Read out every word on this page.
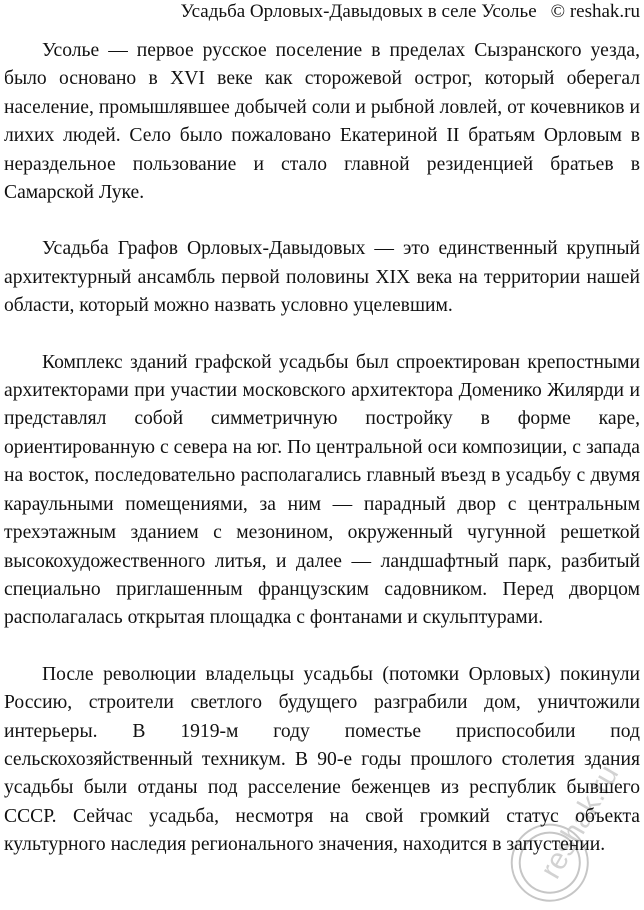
Усадьба Орловых-Давыдовых в селе Усолье © reshak.ru

Усолье — первое русское поселение в пределах Сызранского уезда, было основано в XVI веке как сторожевой острог, который оберегал население, промышлявшее добычей соли и рыбной ловлей, от кочевников и лихих людей. Село было пожаловано Екатериной II братьям Орловым в нераздельное пользование и стало главной резиденцией братьев в Самарской Луке.

Усадьба Графов Орловых-Давыдовых — это единственный крупный архитектурный ансамбль первой половины XIX века на территории нашей области, который можно назвать условно уцелевшим.

Комплекс зданий графской усадьбы был спроектирован крепостными архитекторами при участии московского архитектора Доменико Жилярди и представлял собой симметричную постройку в форме каре, ориентированную с севера на юг. По центральной оси композиции, с запада на восток, последовательно располагались главный въезд в усадьбу с двумя караульными помещениями, за ним — парадный двор с центральным трехэтажным зданием с мезонином, окруженный чугунной решеткой высокохудожественного литья, и далее — ландшафтный парк, разбитый специально приглашенным французским садовником. Перед дворцом располагалась открытая площадка с фонтанами и скульптурами.

После революции владельцы усадьбы (потомки Орловых) покинули Россию, строители светлого будущего разграбили дом, уничтожили интерьеры. В 1919-м году поместье приспособили под сельскохозяйственный техникум. В 90-е годы прошлого столетия здания усадьбы были отданы под расселение беженцев из республик бывшего СССР. Сейчас усадьба, несмотря на свой громкий статус объекта культурного наследия регионального значения, находится в запустении.

reshak.ru
